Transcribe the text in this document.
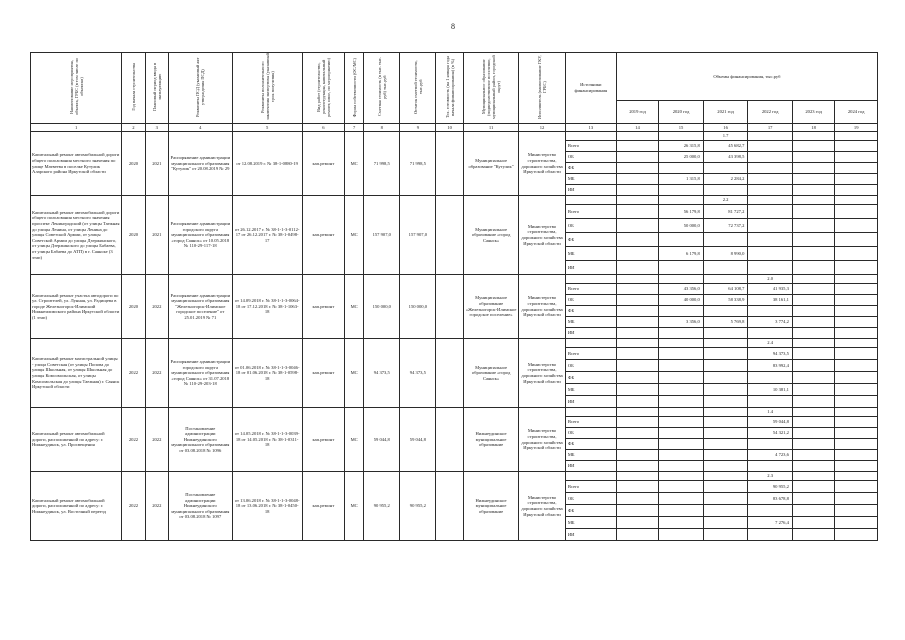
8
Наименование мероприятия, объекта, ГРБС (в том числе по объектам)	Год начала строительства	Плановый период ввода в эксплуатацию	Реквизиты ПСД (указанный акт утверждения ПСД)	Реквизиты положительного заключения экспертизы (указанный срок получения)	Вид работ (строительство, реконструкция, капитальный ремонт, иное, по мероприятию)	Форма собственности (ОС/МС)	Сметная стоимость (в тыс. тыс. руб) тыс.руб	Остаток сметной стоимости, тыс.руб	Тех. готовность (на 1 января года начала финансирования) (в %)	Муниципальное образование (подведомственное поселение, муниципальный район, городской округ)	Исполнитель (наименование ГКУ, ГРБС)	Источники финансирования	Объемы финансирования, тыс.руб					
													2019 год	2020 год	2021 год	2022 год	2023 год	2024 год
1	2	3	4	5	6	7	8	9	10	11	12	13	14	15	16	17	18	19
Капитальный ремонт автомобильной дороги общего пользования местного значения по улице Матвеева в поселке Кутулик Аларского района Иркутской области	2020	2021	Распоряжение администрации муниципального образования "Кутулик" от 20.08.2019 № 29	от 12.08.2019 г. № 38-1-0880-19	кап.ремонт	МС	71 998,5	71 998,5		Муниципальное образование "Кутулик"	Министерство строительства, дорожного хозяйства Иркутской области				1.7			
												Всего		26 315,8	45 682,7			
												ОБ		25 000,0	43 398,5			
												ФБ						
												МБ		1 315,8	2 284,2			
												ИИ						
Капитальный ремонт автомобильной дороги общего пользования местного значения проспект Ленинградский (от улицы Таежная до улицы Ленина, от улицы Ленина до улицы Советской Армии, от улицы Советской Армии до улицы Дзержинского, от улицы Дзержинского до улицы Бабаева, от улицы Бабаева до АТП) в г. Саянске (3 этап)	2020	2021	Распоряжение администрации городского округа муниципального образования «город Саянск» от 10.05.2018 № 110-29-117-18	от 26.12.2017 г. № 38-1-1-3-0112-17 от 26.12.2017 г. № 38-1-0498-17	кап.ремонт	МС	157 907,0	157 907,0		Муниципальное образование «город Саянск»	Министерство строительства, дорожного хозяйства Иркутской области				2.2			
												Всего		56 179,8	81 727,2			
												ОБ		50 000,0	72 737,2			
												ФБ						
												МБ		6 179,8	8 990,0			
												ИИ						
Капитальный ремонт участка автодороги по ул. Строителей, ул. Лунная, ул. Радищева в городе Железногорск-Илимский Нижнеилимского района Иркутской области (1 этап)	2020	2022	Распоряжение администрации муниципального образования "Железногорск-Илимское городское поселение" от 25.01.2019 № 71	от 14.09.2018 г. № 38-1-1-3-0064-18 от 17.12.2018 г. № 38-1-1063-18	кап.ремонт	МС	150 000,0	150 000,0		Муниципальное образование «Железногорск-Илимское городское поселение»	Министерство строительства, дорожного хозяйства Иркутской области					2.0		
												Всего		43 356,0	64 108,7	41 935,3		
												ОБ		40 000,0	58 338,9	38 161,1		
												ФБ						
												МБ		3 356,0	5 769,8	3 774,2		
												ИИ						
Капитальный ремонт магистральной улицы - улица Советская (от улицы Попова до улицы Школьная, от улицы Школьная до улицы Комсомольская, от улицы Комсомольская до улицы Таежная) г. Саянск Иркутской области	2022	2022	Распоряжение администрации городского округа муниципального образования «город Саянск» от 31.07.2018 № 110-29-203-18	от 01.06.2018 г. № 38-1-1-3-0046-18 от 01.06.2018 г. № 38-1-0598-18	кап.ремонт	МС	94 373,5	94 373,5		Муниципальное образование «город Саянск»	Министерство строительства, дорожного хозяйства Иркутской области					2.4		
												Всего				94 373,5		
												ОБ				83 992,4		
												ФБ						
												МБ				10 381,1		
												ИИ						
Капитальный ремонт автомобильной дороги, расположенной по адресу: г. Нижнеудинск, ул. Просвещения	2022	2022	Постановление администрации Нижнеудинского муниципального образования от 03.08.2018 № 1096	от 14.05.2018 г. № 38-1-1-3-0039-18 от 14.05.2018 г. № 38-1-0311-18	кап.ремонт	МС	59 044,8	59 044,8		Нижнеудинское муниципальное образование	Министерство строительства, дорожного хозяйства Иркутской области					1.4		
												Всего				59 044,8		
												ОБ				54 321,2		
												ФБ						
												МБ				4 723,6		
												ИИ						
Капитальный ремонт автомобильной дороги, расположенной по адресу: г. Нижнеудинск, ул. Восточный переезд	2022	2022	Постановление администрации Нижнеудинского муниципального образования от 03.08.2018 № 1097	от 13.06.2018 г. № 38-1-1-3-0048-18 от 13.06.2018 г. № 38-1-0450-18	кап.ремонт	МС	90 955,2	90 955,2		Нижнеудинское муниципальное образование	Министерство строительства, дорожного хозяйства Иркутской области					2.3		
												Всего				90 955,2		
												ОБ				83 678,8		
												ФБ						
												МБ				7 276,4		
												ИИ						
